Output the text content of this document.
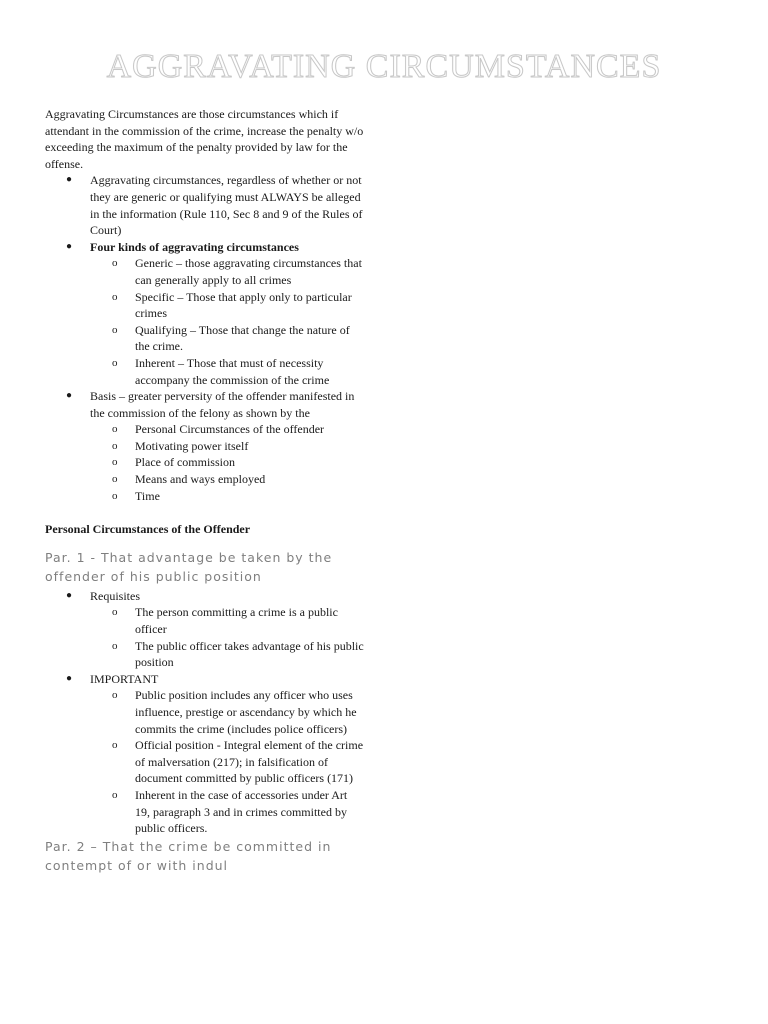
AGGRAVATING CIRCUMSTANCES

Aggravating Circumstances are those circumstances which if attendant in the commission of the crime, increase the penalty w/o exceeding the maximum of the penalty provided by law for the offense.

● Aggravating circumstances, regardless of whether or not they are generic or qualifying must ALWAYS be alleged in the information (Rule 110, Sec 8 and 9 of the Rules of Court)
● Four kinds of aggravating circumstances
o Generic – those aggravating circumstances that can generally apply to all crimes
o Specific – Those that apply only to particular crimes
o Qualifying – Those that change the nature of the crime.
o Inherent – Those that must of necessity accompany the commission of the crime
● Basis – greater perversity of the offender manifested in the commission of the felony as shown by the
o Personal Circumstances of the offender
o Motivating power itself
o Place of commission
o Means and ways employed
o Time

Personal Circumstances of the Offender

Par. 1 - That advantage be taken by the offender of his public position

● Requisites
o The person committing a crime is a public officer
o The public officer takes advantage of his public position
● IMPORTANT
o Public position includes any officer who uses influence, prestige or ascendancy by which he commits the crime (includes police officers)
o Official position - Integral element of the crime of malversation (217); in falsification of document committed by public officers (171)
o Inherent in the case of accessories under Art 19, paragraph 3 and in crimes committed by public officers.

Par. 2 – That the crime be committed in contempt of or with indul
